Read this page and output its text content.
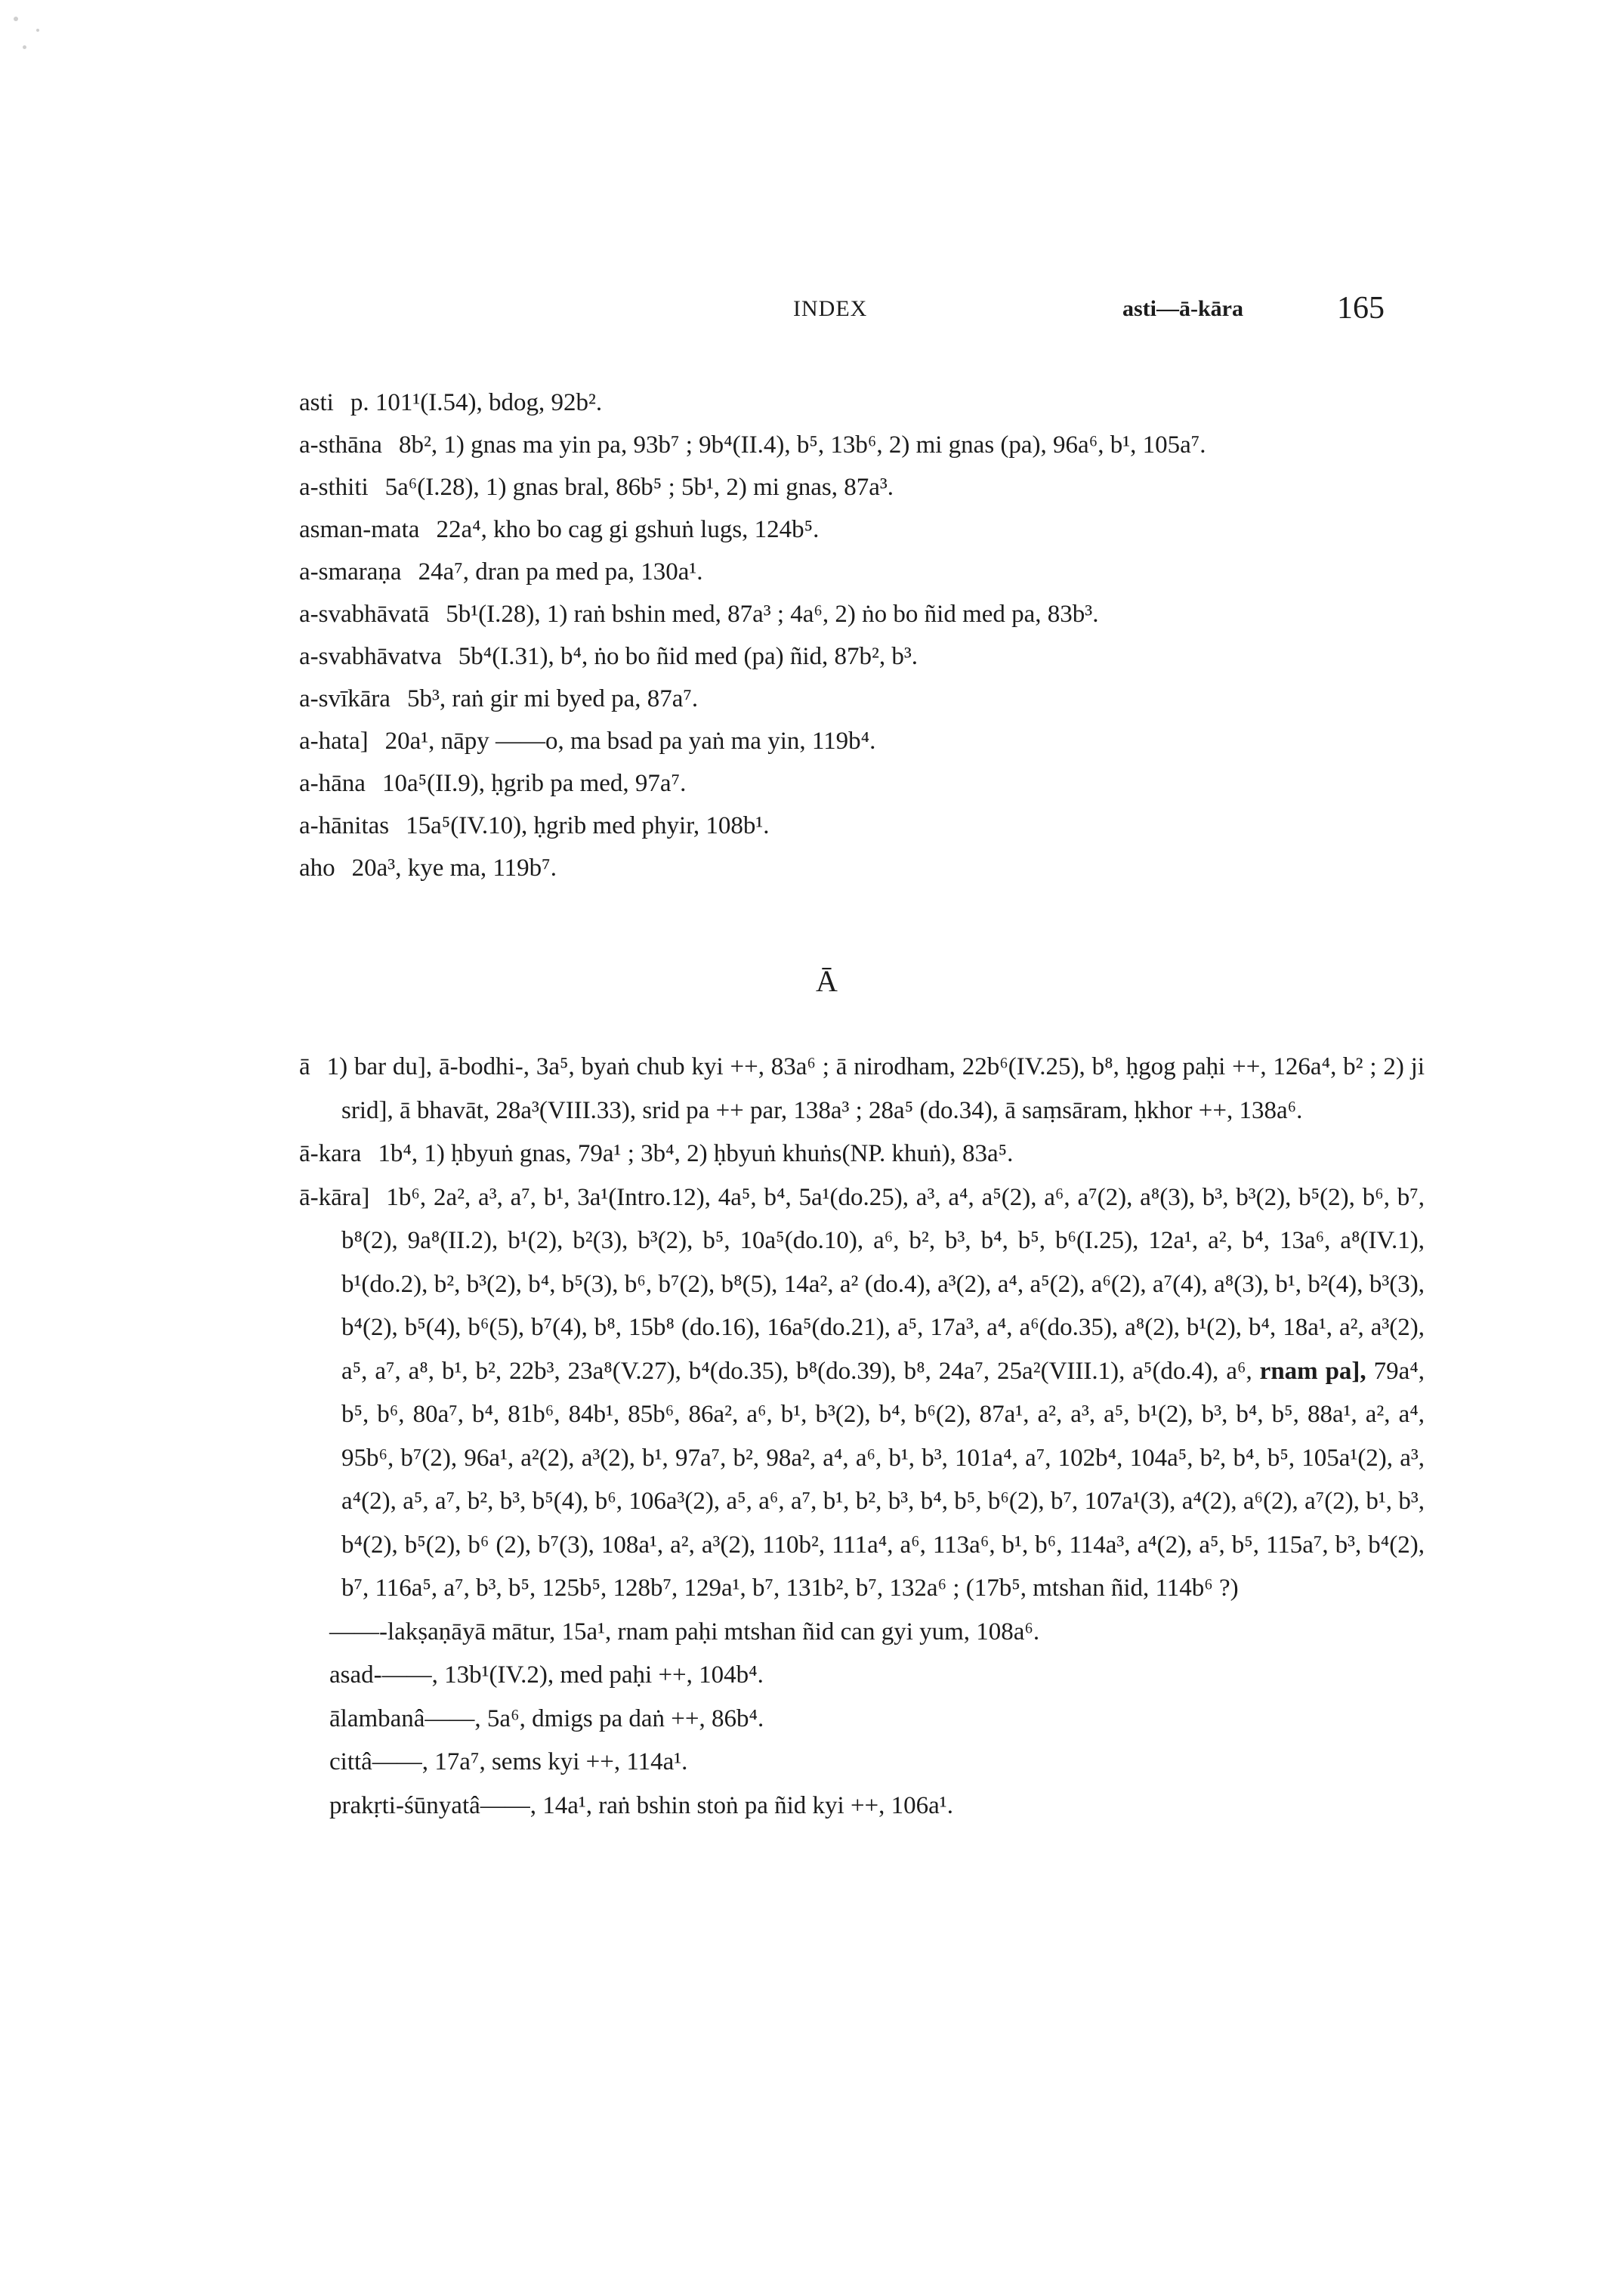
INDEX	asti—ā-kāra	165

asti p. 101¹(I.54), bdog, 92b².

a-sthāna 8b², 1) gnas ma yin pa, 93b⁷ ; 9b⁴(II.4), b⁵, 13b⁶, 2) mi gnas (pa), 96a⁶, b¹, 105a⁷.

a-sthiti 5a⁶(I.28), 1) gnas bral, 86b⁵ ; 5b¹, 2) mi gnas, 87a³.

asman-mata 22a⁴, kho bo cag gi gshuṅ lugs, 124b⁵.

a-smaraṇa 24a⁷, dran pa med pa, 130a¹.

a-svabhāvatā 5b¹(I.28), 1) raṅ bshin med, 87a³ ; 4a⁶, 2) ṅo bo ñid med pa, 83b³.

a-svabhāvatva 5b⁴(I.31), b⁴, ṅo bo ñid med (pa) ñid, 87b², b³.

a-svīkāra 5b³, raṅ gir mi byed pa, 87a⁷.

a-hata] 20a¹, nāpy ——o, ma bsad pa yaṅ ma yin, 119b⁴.

a-hāna 10a⁵(II.9), ḥgrib pa med, 97a⁷.

a-hānitas 15a⁵(IV.10), ḥgrib med phyir, 108b¹.

aho 20a³, kye ma, 119b⁷.

Ā

ā 1) bar du], ā-bodhi-, 3a⁵, byaṅ chub kyi ++, 83a⁶ ; ā nirodham, 22b⁶(IV.25), b⁸, ḥgog paḥi ++, 126a⁴, b² ; 2) ji srid], ā bhavāt, 28a³(VIII.33), srid pa ++ par, 138a³ ; 28a⁵ (do.34), ā saṃsāram, ḥkhor ++, 138a⁶.

ā-kara 1b⁴, 1) ḥbyuṅ gnas, 79a¹ ; 3b⁴, 2) ḥbyuṅ khuṅs(NP. khuṅ), 83a⁵.

ā-kāra] 1b⁶, 2a², a³, a⁷, b¹, 3a¹(Intro.12), 4a⁵, b⁴, 5a¹(do.25), a³, a⁴, a⁵(2), a⁶, a⁷(2), a⁸(3), b³, b³(2), b⁵(2), b⁶, b⁷, b⁸(2), 9a⁸(II.2), b¹(2), b²(3), b³(2), b⁵, 10a⁵(do.10), a⁶, b², b³, b⁴, b⁵, b⁶(I.25), 12a¹, a², b⁴, 13a⁶, a⁸(IV.1), b¹(do.2), b², b³(2), b⁴, b⁵(3), b⁶, b⁷(2), b⁸(5), 14a², a² (do.4), a³(2), a⁴, a⁵(2), a⁶(2), a⁷(4), a⁸(3), b¹, b²(4), b³(3), b⁴(2), b⁵(4), b⁶(5), b⁷(4), b⁸, 15b⁸ (do.16), 16a⁵(do.21), a⁵, 17a³, a⁴, a⁶(do.35), a⁸(2), b¹(2), b⁴, 18a¹, a², a³(2), a⁵, a⁷, a⁸, b¹, b², 22b³, 23a⁸(V.27), b⁴(do.35), b⁸(do.39), b⁸, 24a⁷, 25a²(VIII.1), a⁵(do.4), a⁶, rnam pa], 79a⁴, b⁵, b⁶, 80a⁷, b⁴, 81b⁶, 84b¹, 85b⁶, 86a², a⁶, b¹, b³(2), b⁴, b⁶(2), 87a¹, a², a³, a⁵, b¹(2), b³, b⁴, b⁵, 88a¹, a², a⁴, 95b⁶, b⁷(2), 96a¹, a²(2), a³(2), b¹, 97a⁷, b², 98a², a⁴, a⁶, b¹, b³, 101a⁴, a⁷, 102b⁴, 104a⁵, b², b⁴, b⁵, 105a¹(2), a³, a⁴(2), a⁵, a⁷, b², b³, b⁵(4), b⁶, 106a³(2), a⁵, a⁶, a⁷, b¹, b², b³, b⁴, b⁵, b⁶(2), b⁷, 107a¹(3), a⁴(2), a⁶(2), a⁷(2), b¹, b³, b⁴(2), b⁵(2), b⁶ (2), b⁷(3), 108a¹, a², a³(2), 110b², 111a⁴, a⁶, 113a⁶, b¹, b⁶, 114a³, a⁴(2), a⁵, b⁵, 115a⁷, b³, b⁴(2), b⁷, 116a⁵, a⁷, b³, b⁵, 125b⁵, 128b⁷, 129a¹, b⁷, 131b², b⁷, 132a⁶ ; (17b⁵, mtshan ñid, 114b⁶ ?)

——-lakṣaṇāyā mātur, 15a¹, rnam paḥi mtshan ñid can gyi yum, 108a⁶.

asad-——, 13b¹(IV.2), med paḥi ++, 104b⁴.

ālambanâ——, 5a⁶, dmigs pa daṅ ++, 86b⁴.

cittâ——, 17a⁷, sems kyi ++, 114a¹.

prakṛti-śūnyatâ——, 14a¹, raṅ bshin stoṅ pa ñid kyi ++, 106a¹.
